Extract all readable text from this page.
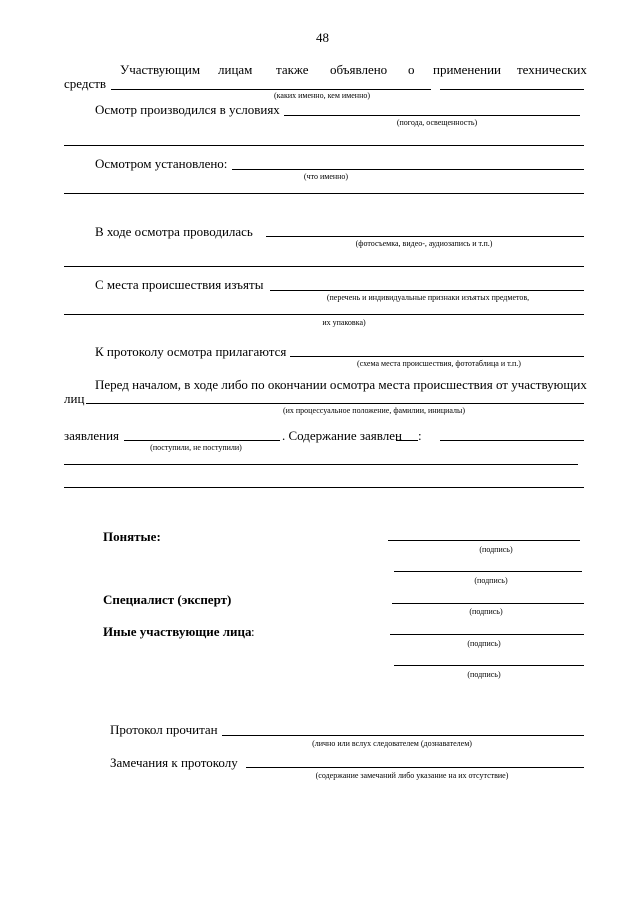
48
Участвующим лицам также объявлено о применении технических
средств
(каких именно, кем именно)
Осмотр производился в условиях
(погода, освещенность)
Осмотром установлено:
(что именно)
В ходе осмотра проводилась
(фотосъемка, видео-, аудиозапись и т.п.)
С места происшествия изъяты
(перечень и индивидуальные признаки изъятых предметов,
их упаковка)
К протоколу осмотра прилагаются
(схема места происшествия, фототаблица и т.п.)
Перед началом, в ходе либо по окончании осмотра места происшествия от участвующих
лиц
(их процессуальное положение, фамилии, инициалы)
заявления
(поступили, не поступили)
. Содержание заявлен :
Понятые:
(подпись)
(подпись)
Специалист (эксперт)
(подпись)
Иные участвующие лица :
(подпись)
(подпись)
Протокол прочитан
(лично или вслух следователем (дознавателем)
Замечания к протоколу
(содержание замечаний либо указание на их отсутствие)
